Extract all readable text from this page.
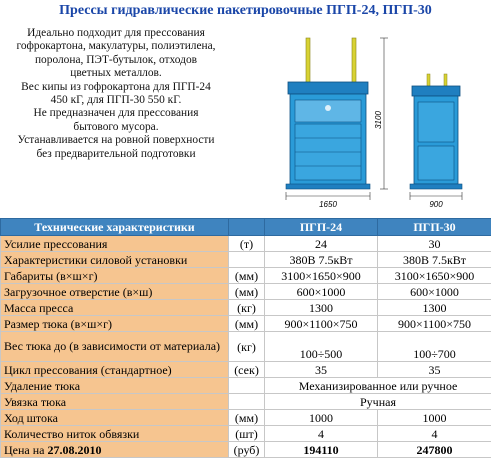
Прессы гидравлические пакетировочные ПГП-24, ПГП-30
Идеально подходит для прессования
гофрокартона, макулатуры, полиэтилена,
поролона, ПЭТ-бутылок, отходов
цветных металлов.
Вес кипы из гофрокартона для ПГП-24
450 кГ, для ПГП-30 550 кГ.
Не предназначен для прессования
бытового мусора.
Устанавливается на ровной поверхности
без предварительной подготовки
3100
1650	900
Технические характеристики		ПГП-24	ПГП-30
Усилие прессования	(т)	24	30
Характеристики силовой установки		380В 7.5кВт	380В 7.5кВт
Габариты (в×ш×г)	(мм)	3100×1650×900	3100×1650×900
Загрузочное отверстие (в×ш)	(мм)	600×1000	600×1000
Масса пресса	(кг)	1300	1300
Размер тюка (в×ш×г)	(мм)	900×1100×750	900×1100×750
Вес тюка до (в зависимости от материала)	(кг)	100÷500	100÷700
Цикл прессования (стандартное)	(сек)	35	35
Удаление тюка		Механизированное или ручное	
Увязка тюка		Ручная	
Ход штока	(мм)	1000	1000
Количество ниток обвязки	(шт)	4	4
Цена на 27.08.2010	(руб)	194110	247800
